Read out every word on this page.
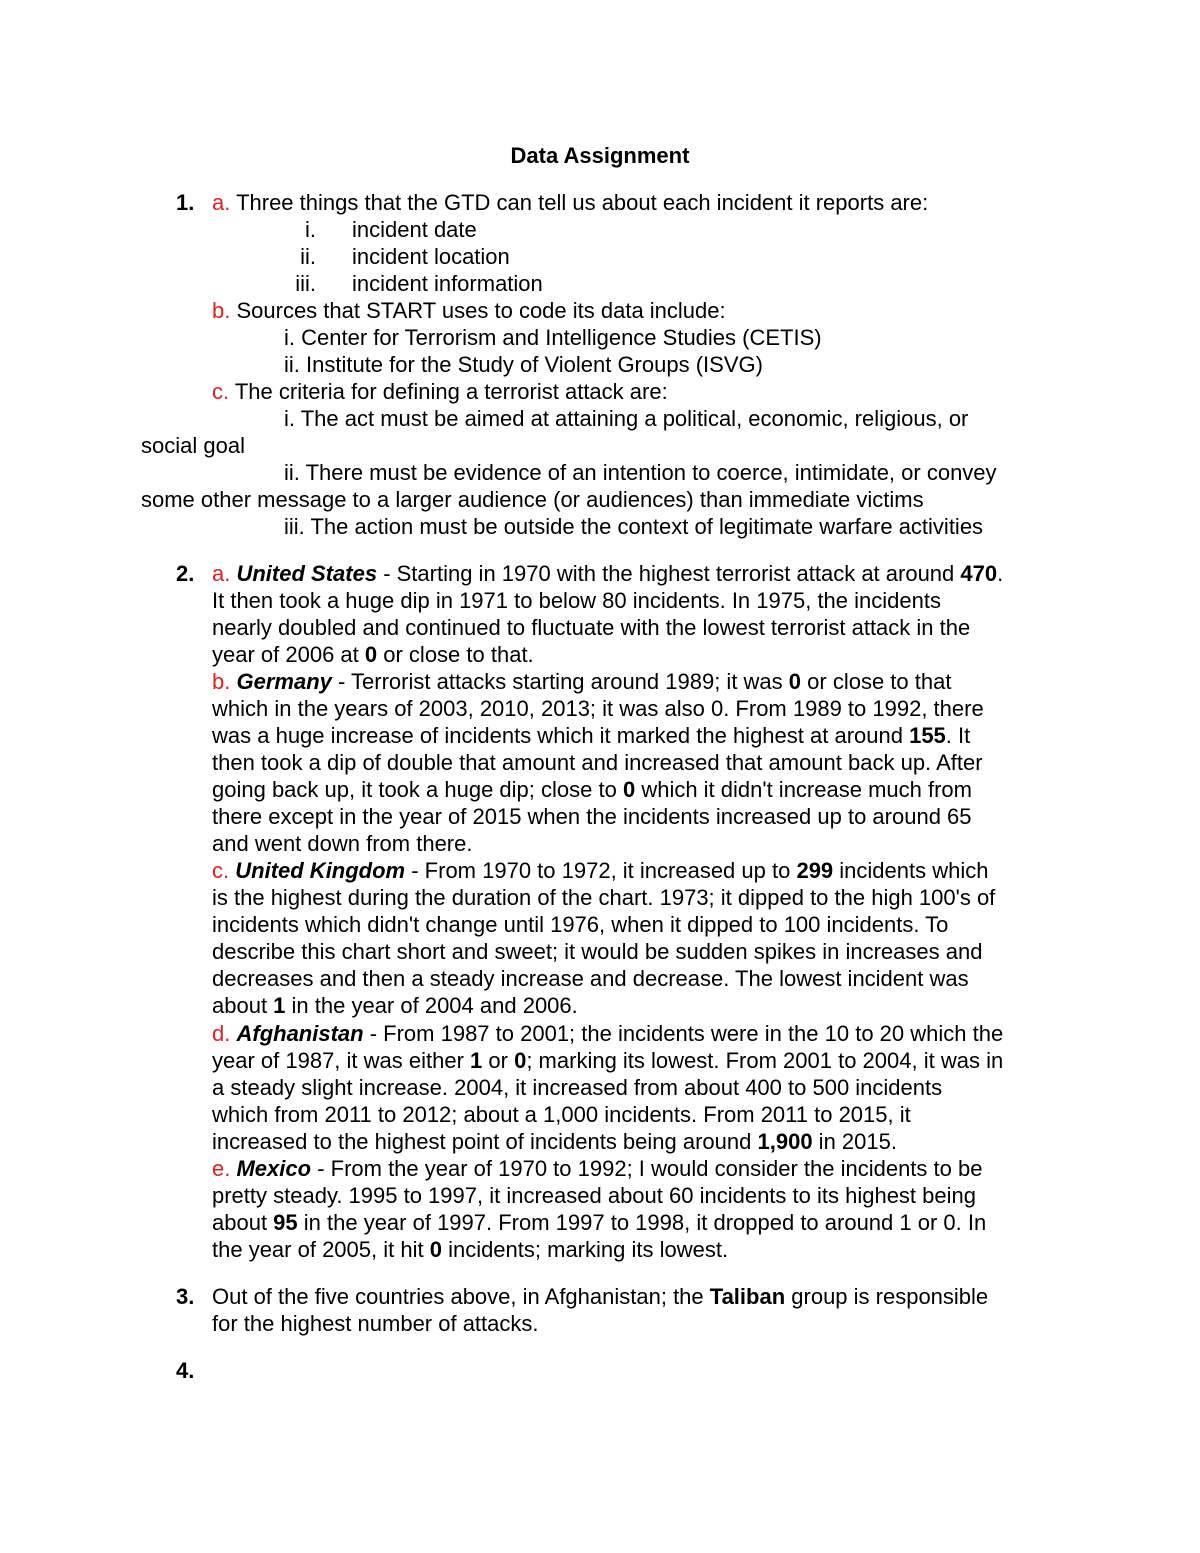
Data Assignment
1. a. Three things that the GTD can tell us about each incident it reports are:
i. incident date
ii. incident location
iii. incident information
b. Sources that START uses to code its data include:
i. Center for Terrorism and Intelligence Studies (CETIS)
ii. Institute for the Study of Violent Groups (ISVG)
c. The criteria for defining a terrorist attack are:
i. The act must be aimed at attaining a political, economic, religious, or
social goal
ii. There must be evidence of an intention to coerce, intimidate, or convey
some other message to a larger audience (or audiences) than immediate victims
iii. The action must be outside the context of legitimate warfare activities
2. a. United States - Starting in 1970 with the highest terrorist attack at around 470.
It then took a huge dip in 1971 to below 80 incidents. In 1975, the incidents
nearly doubled and continued to fluctuate with the lowest terrorist attack in the
year of 2006 at 0 or close to that.
b. Germany - Terrorist attacks starting around 1989; it was 0 or close to that
which in the years of 2003, 2010, 2013; it was also 0. From 1989 to 1992, there
was a huge increase of incidents which it marked the highest at around 155. It
then took a dip of double that amount and increased that amount back up. After
going back up, it took a huge dip; close to 0 which it didn't increase much from
there except in the year of 2015 when the incidents increased up to around 65
and went down from there.
c. United Kingdom - From 1970 to 1972, it increased up to 299 incidents which
is the highest during the duration of the chart. 1973; it dipped to the high 100's of
incidents which didn't change until 1976, when it dipped to 100 incidents. To
describe this chart short and sweet; it would be sudden spikes in increases and
decreases and then a steady increase and decrease. The lowest incident was
about 1 in the year of 2004 and 2006.
d. Afghanistan - From 1987 to 2001; the incidents were in the 10 to 20 which the
year of 1987, it was either 1 or 0; marking its lowest. From 2001 to 2004, it was in
a steady slight increase. 2004, it increased from about 400 to 500 incidents
which from 2011 to 2012; about a 1,000 incidents. From 2011 to 2015, it
increased to the highest point of incidents being around 1,900 in 2015.
e. Mexico - From the year of 1970 to 1992; I would consider the incidents to be
pretty steady. 1995 to 1997, it increased about 60 incidents to its highest being
about 95 in the year of 1997. From 1997 to 1998, it dropped to around 1 or 0. In
the year of 2005, it hit 0 incidents; marking its lowest.
3. Out of the five countries above, in Afghanistan; the Taliban group is responsible
for the highest number of attacks.
4.
